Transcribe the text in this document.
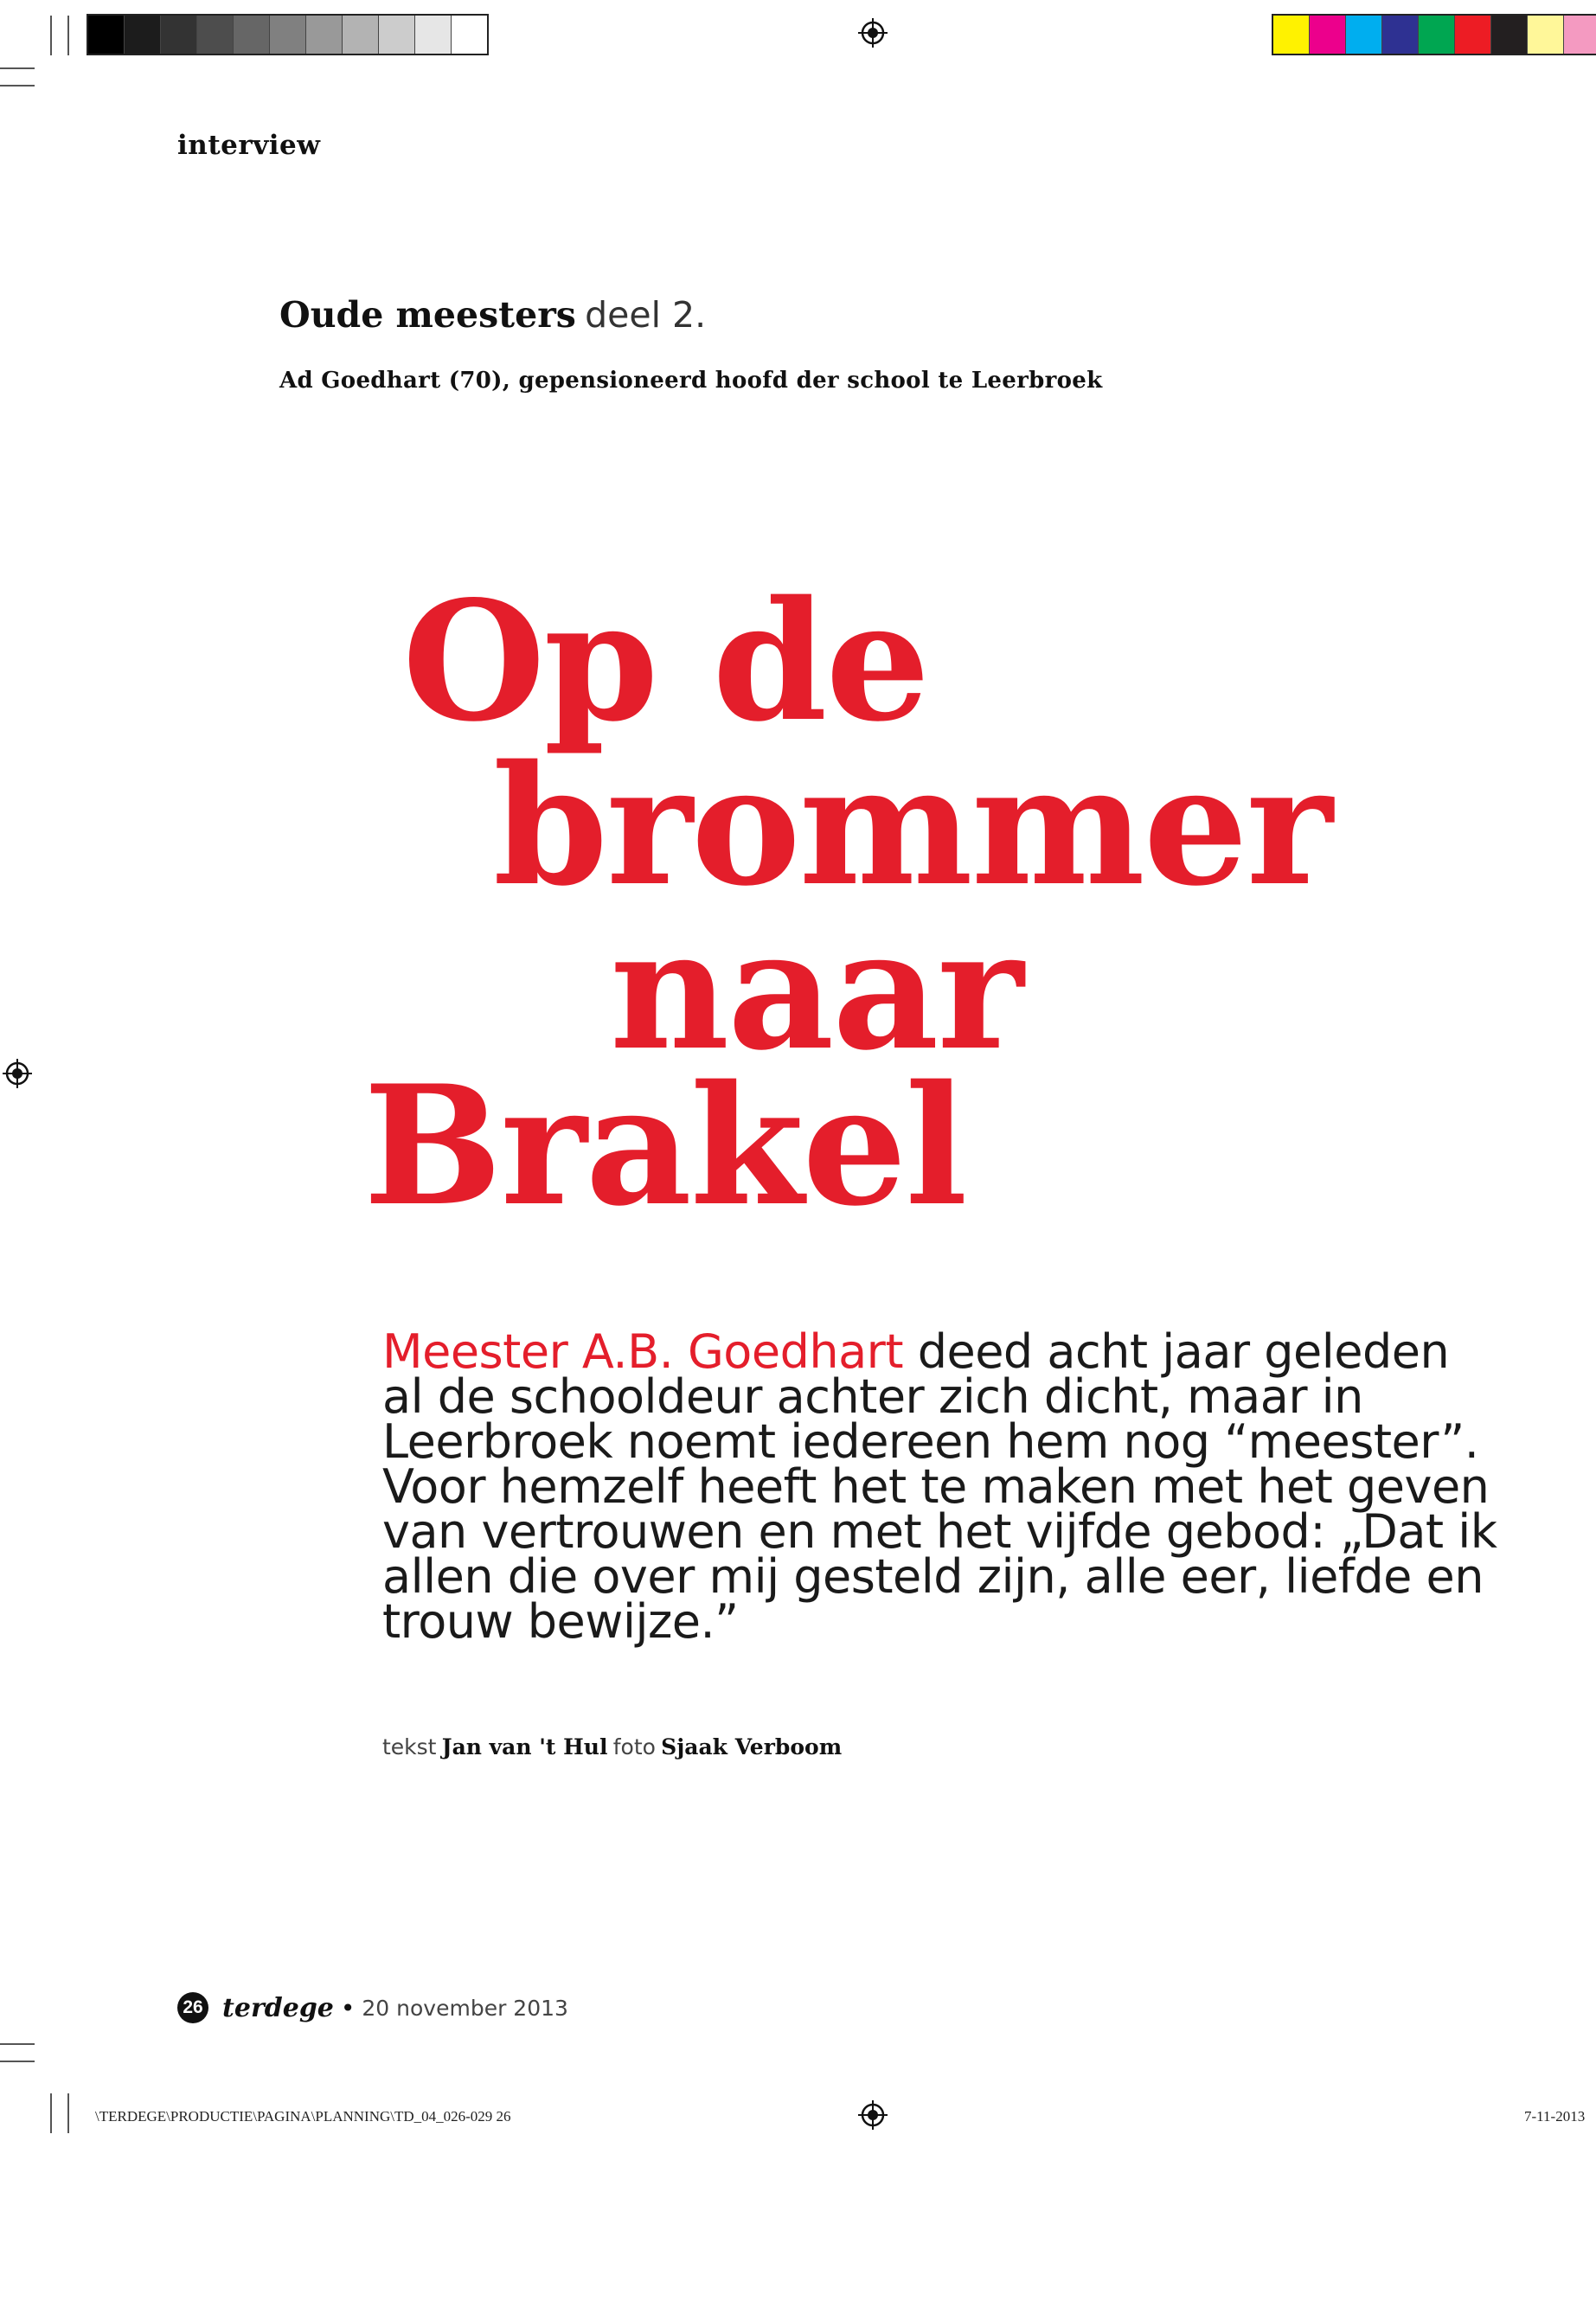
interview
Oude meesters deel 2.
Ad Goedhart (70), gepensioneerd hoofd der school te Leerbroek
Op de
brommer
naar
Brakel
Meester A.B. Goedhart deed acht jaar geleden
al de schooldeur achter zich dicht, maar in
Leerbroek noemt iedereen hem nog “meester”.
Voor hemzelf heeft het te maken met het geven
van vertrouwen en met het vijfde gebod: „Dat ik
allen die over mij gesteld zijn, alle eer, liefde en
trouw bewijze.”
tekst Jan van 't Hul foto Sjaak Verboom
26 terdege • 20 november 2013
\TERDEGE\PRODUCTIE\PAGINA\PLANNING\TD_04_026-029 26	7-11-2013
